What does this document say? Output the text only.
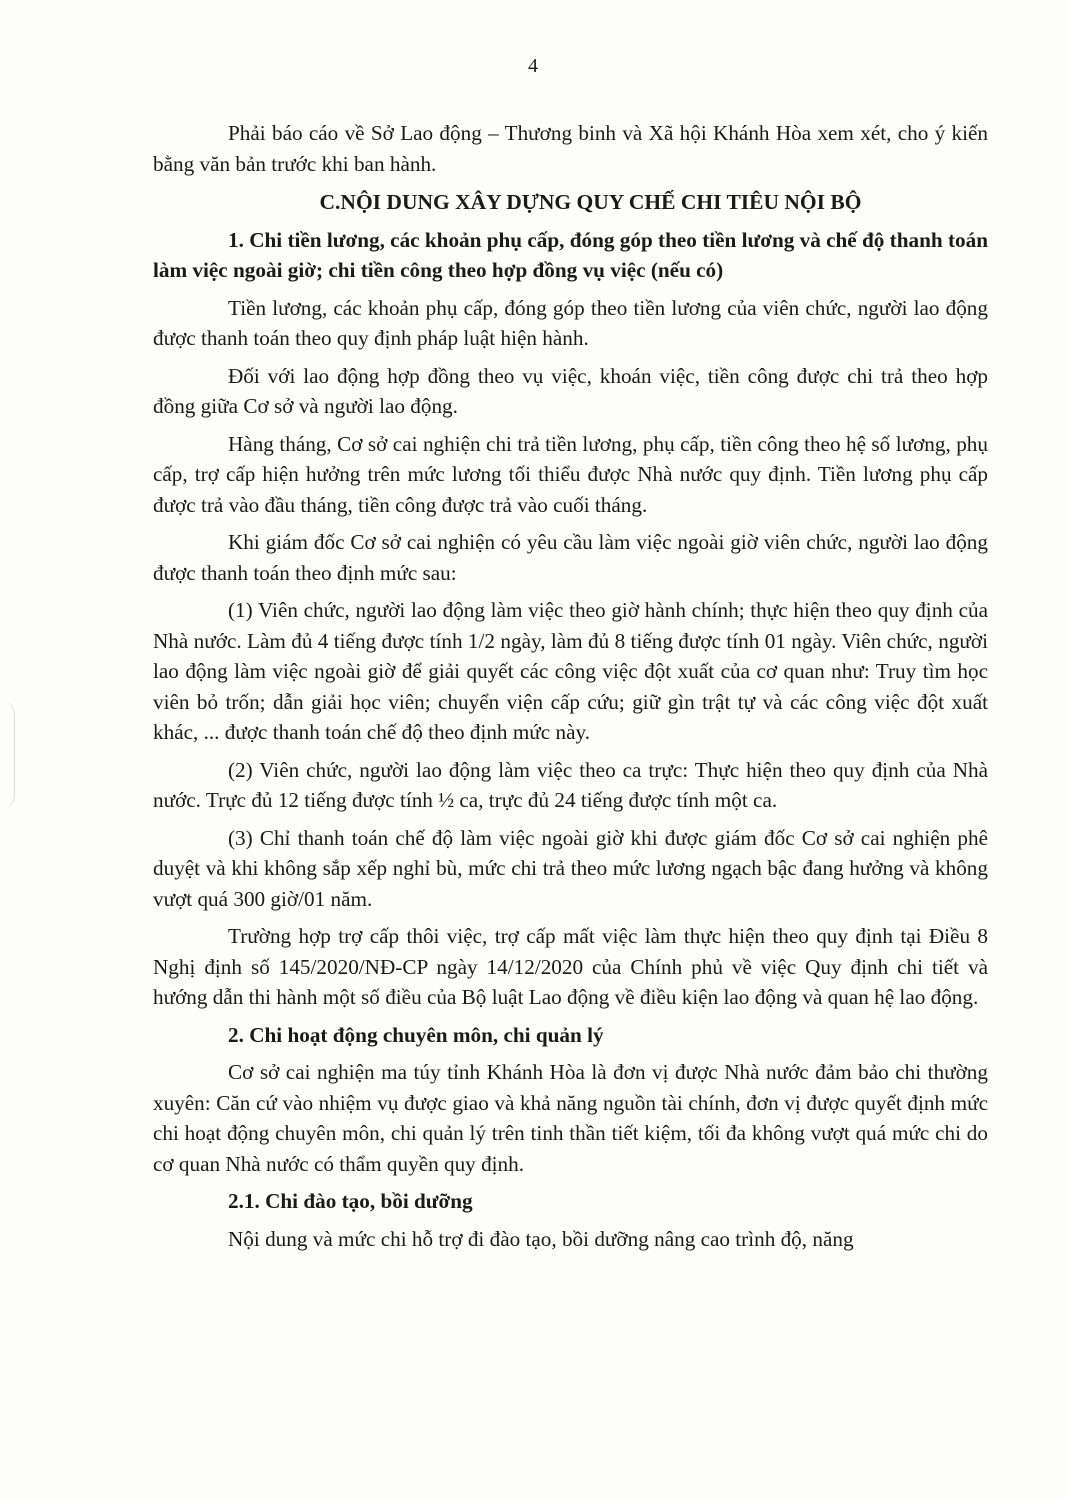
4

Phải báo cáo về Sở Lao động – Thương binh và Xã hội Khánh Hòa xem xét, cho ý kiến bằng văn bản trước khi ban hành.

C.NỘI DUNG XÂY DỰNG QUY CHẾ CHI TIÊU NỘI BỘ

1. Chi tiền lương, các khoản phụ cấp, đóng góp theo tiền lương và chế độ thanh toán làm việc ngoài giờ; chi tiền công theo hợp đồng vụ việc (nếu có)

Tiền lương, các khoản phụ cấp, đóng góp theo tiền lương của viên chức, người lao động được thanh toán theo quy định pháp luật hiện hành.

Đối với lao động hợp đồng theo vụ việc, khoán việc, tiền công được chi trả theo hợp đồng giữa Cơ sở và người lao động.

Hàng tháng, Cơ sở cai nghiện chi trả tiền lương, phụ cấp, tiền công theo hệ số lương, phụ cấp, trợ cấp hiện hưởng trên mức lương tối thiểu được Nhà nước quy định. Tiền lương phụ cấp được trả vào đầu tháng, tiền công được trả vào cuối tháng.

Khi giám đốc Cơ sở cai nghiện có yêu cầu làm việc ngoài giờ viên chức, người lao động được thanh toán theo định mức sau:

(1) Viên chức, người lao động làm việc theo giờ hành chính; thực hiện theo quy định của Nhà nước. Làm đủ 4 tiếng được tính 1/2 ngày, làm đủ 8 tiếng được tính 01 ngày. Viên chức, người lao động làm việc ngoài giờ để giải quyết các công việc đột xuất của cơ quan như: Truy tìm học viên bỏ trốn; dẫn giải học viên; chuyển viện cấp cứu; giữ gìn trật tự và các công việc đột xuất khác, ... được thanh toán chế độ theo định mức này.

(2) Viên chức, người lao động làm việc theo ca trực: Thực hiện theo quy định của Nhà nước. Trực đủ 12 tiếng được tính ½ ca, trực đủ 24 tiếng được tính một ca.

(3) Chỉ thanh toán chế độ làm việc ngoài giờ khi được giám đốc Cơ sở cai nghiện phê duyệt và khi không sắp xếp nghỉ bù, mức chi trả theo mức lương ngạch bậc đang hưởng và không vượt quá 300 giờ/01 năm.

Trường hợp trợ cấp thôi việc, trợ cấp mất việc làm thực hiện theo quy định tại Điều 8 Nghị định số 145/2020/NĐ-CP ngày 14/12/2020 của Chính phủ về việc Quy định chi tiết và hướng dẫn thi hành một số điều của Bộ luật Lao động về điều kiện lao động và quan hệ lao động.

2. Chi hoạt động chuyên môn, chi quản lý

Cơ sở cai nghiện ma túy tỉnh Khánh Hòa là đơn vị được Nhà nước đảm bảo chi thường xuyên: Căn cứ vào nhiệm vụ được giao và khả năng nguồn tài chính, đơn vị được quyết định mức chi hoạt động chuyên môn, chi quản lý trên tinh thần tiết kiệm, tối đa không vượt quá mức chi do cơ quan Nhà nước có thẩm quyền quy định.

2.1. Chi đào tạo, bồi dưỡng

Nội dung và mức chi hỗ trợ đi đào tạo, bồi dưỡng nâng cao trình độ, năng
